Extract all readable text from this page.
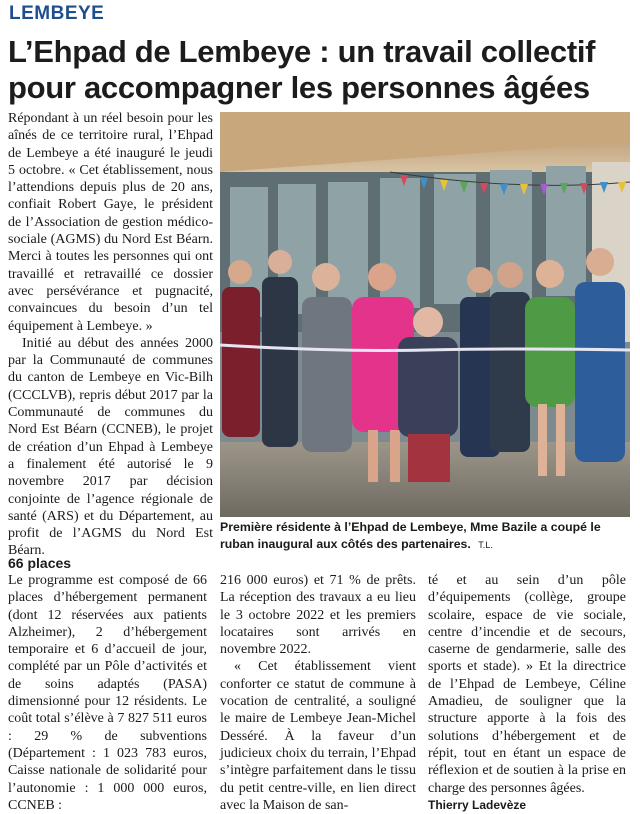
LEMBEYE
L’Ehpad de Lembeye : un travail collectif pour accompagner les personnes âgées

Répondant à un réel besoin pour les aînés de ce territoire rural, l’Ehpad de Lembeye a été inauguré le jeudi 5 octobre. « Cet établissement, nous l’attendions depuis plus de 20 ans, confiait Robert Gaye, le président de l’Association de gestion médico-sociale (AGMS) du Nord Est Béarn. Merci à toutes les personnes qui ont travaillé et retravaillé ce dossier avec persévérance et pugnacité, convaincues du besoin d’un tel équipement à Lembeye. »

Initié au début des années 2000 par la Communauté de communes du canton de Lembeye en Vic-Bilh (CCCLVB), repris début 2017 par la Communauté de communes du Nord Est Béarn (CCNEB), le projet de création d’un Ehpad à Lembeye a finalement été autorisé le 9 novembre 2017 par décision conjointe de l’agence régionale de santé (ARS) et du Département, au profit de l’AGMS du Nord Est Béarn.

Première résidente à l’Ehpad de Lembeye, Mme Bazile a coupé le ruban inaugural aux côtés des partenaires. T.L.
66 places

Le programme est composé de 66 places d’hébergement permanent (dont 12 réservées aux patients Alzheimer), 2 d’hébergement temporaire et 6 d’accueil de jour, complété par un Pôle d’activités et de soins adaptés (PASA) dimensionné pour 12 résidents. Le coût total s’élève à 7 827 511 euros : 29 % de subventions (Département : 1 023 783 euros, Caisse nationale de solidarité pour l’autonomie : 1 000 000 euros, CCNEB :

216 000 euros) et 71 % de prêts. La réception des travaux a eu lieu le 3 octobre 2022 et les premiers locataires sont arrivés en novembre 2022.

« Cet établissement vient conforter ce statut de commune à vocation de centralité, a souligné le maire de Lembeye Jean-Michel Desséré. À la faveur d’un judicieux choix du terrain, l’Ehpad s’intègre parfaitement dans le tissu du petit centre-ville, en lien direct avec la Maison de san-

té et au sein d’un pôle d’équipements (collège, groupe scolaire, espace de vie sociale, centre d’incendie et de secours, caserne de gendarmerie, salle des sports et stade). » Et la directrice de l’Ehpad de Lembeye, Céline Amadieu, de souligner que la structure apporte à la fois des solutions d’hébergement et de répit, tout en étant un espace de réflexion et de soutien à la prise en charge des personnes âgées.

Thierry Ladevèze
